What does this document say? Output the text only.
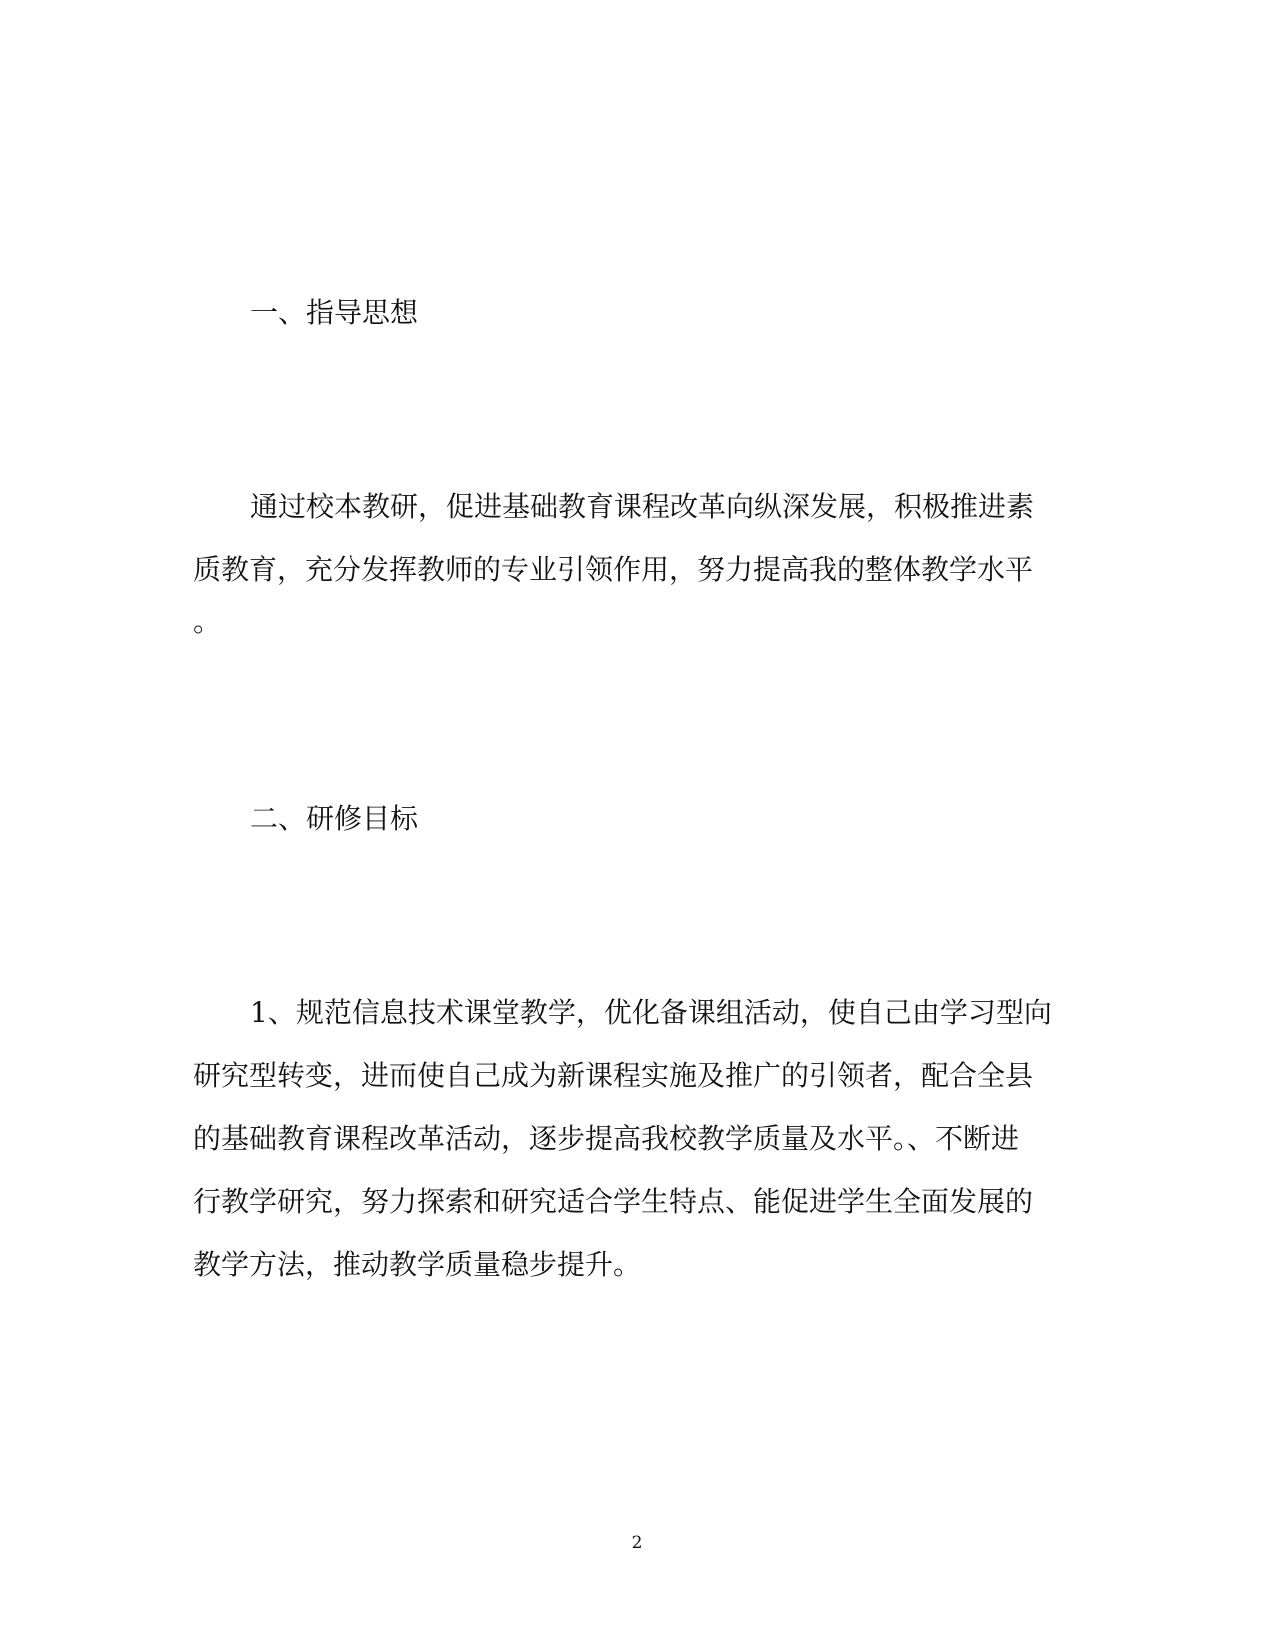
一、指导思想
通过校本教研，促进基础教育课程改革向纵深发展，积极推进素
质教育，充分发挥教师的专业引领作用，努力提高我的整体教学水平
。
二、研修目标
1、规范信息技术课堂教学，优化备课组活动，使自己由学习型向
研究型转变，进而使自己成为新课程实施及推广的引领者，配合全县
的基础教育课程改革活动，逐步提高我校教学质量及水平。、不断进
行教学研究，努力探索和研究适合学生特点、能促进学生全面发展的
教学方法，推动教学质量稳步提升。
2
